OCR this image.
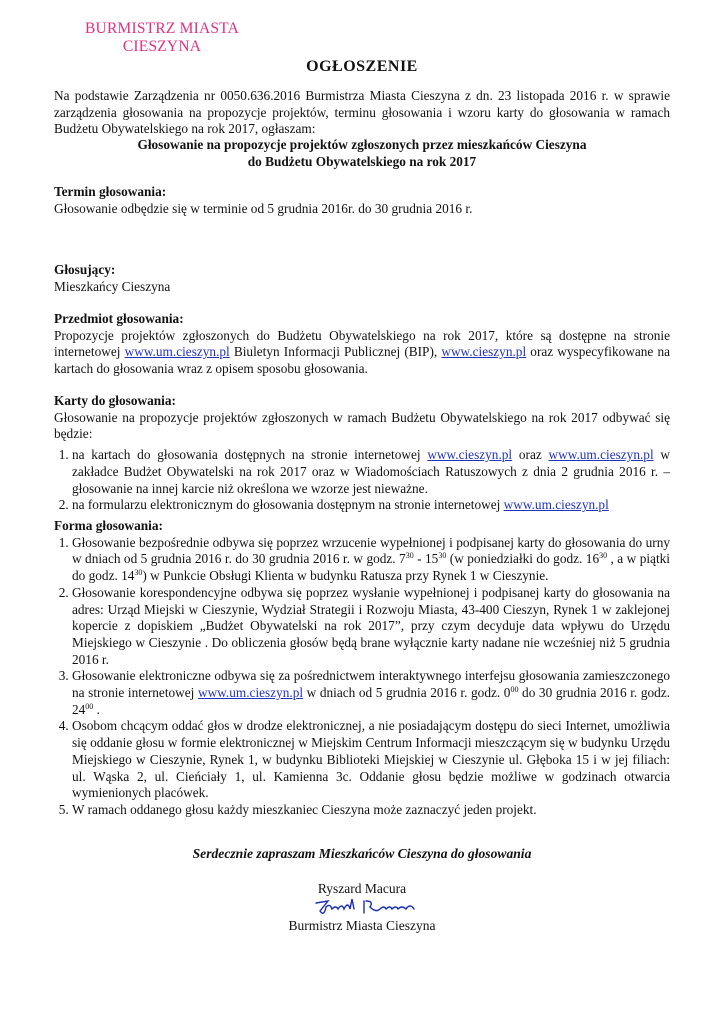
BURMISTRZ MIASTA
CIESZYNA
OGŁOSZENIE
Na podstawie Zarządzenia nr 0050.636.2016 Burmistrza Miasta Cieszyna z dn. 23 listopada 2016 r. w sprawie zarządzenia głosowania na propozycje projektów, terminu głosowania i wzoru karty do głosowania w ramach Budżetu Obywatelskiego na rok 2017, ogłaszam:
Głosowanie na propozycje projektów zgłoszonych przez mieszkańców Cieszyna
do Budżetu Obywatelskiego na rok 2017
Termin głosowania:
Głosowanie odbędzie się w terminie od 5 grudnia 2016r. do 30 grudnia 2016 r.
Głosujący:
Mieszkańcy Cieszyna
Przedmiot głosowania:
Propozycje projektów zgłoszonych do Budżetu Obywatelskiego na rok 2017, które są dostępne na stronie internetowej www.um.cieszyn.pl Biuletyn Informacji Publicznej (BIP), www.cieszyn.pl oraz wyspecyfikowane na kartach do głosowania wraz z opisem sposobu głosowania.
Karty do głosowania:
Głosowanie na propozycje projektów zgłoszonych w ramach Budżetu Obywatelskiego na rok 2017 odbywać się będzie:
1. na kartach do głosowania dostępnych na stronie internetowej www.cieszyn.pl oraz www.um.cieszyn.pl w zakładce Budżet Obywatelski na rok 2017 oraz w Wiadomościach Ratuszowych z dnia 2 grudnia 2016 r. – głosowanie na innej karcie niż określona we wzorze jest nieważne.
2. na formularzu elektronicznym do głosowania dostępnym na stronie internetowej www.um.cieszyn.pl
Forma głosowania:
1. Głosowanie bezpośrednie odbywa się poprzez wrzucenie wypełnionej i podpisanej karty do głosowania do urny w dniach od 5 grudnia 2016 r. do 30 grudnia 2016 r. w godz. $7^{30} - 15^{30}$ (w poniedziałki do godz. $16^{30}$ , a w piątki do godz. $14^{30}$) w Punkcie Obsługi Klienta w budynku Ratusza przy Rynek 1 w Cieszynie.
2. Głosowanie korespondencyjne odbywa się poprzez wysłanie wypełnionej i podpisanej karty do głosowania na adres: Urząd Miejski w Cieszynie, Wydział Strategii i Rozwoju Miasta, 43-400 Cieszyn, Rynek 1 w zaklejonej kopercie z dopiskiem „Budżet Obywatelski na rok 2017”, przy czym decyduje data wpływu do Urzędu Miejskiego w Cieszynie . Do obliczenia głosów będą brane wyłącznie karty nadane nie wcześniej niż 5 grudnia 2016 r.
3. Głosowanie elektroniczne odbywa się za pośrednictwem interaktywnego interfejsu głosowania zamieszczonego na stronie internetowej www.um.cieszyn.pl w dniach od 5 grudnia 2016 r. godz. $0^{00}$ do 30 grudnia 2016 r. godz. $24^{00}$ .
4. Osobom chcącym oddać głos w drodze elektronicznej, a nie posiadającym dostępu do sieci Internet, umożliwia się oddanie głosu w formie elektronicznej w Miejskim Centrum Informacji mieszczącym się w budynku Urzędu Miejskiego w Cieszynie, Rynek 1, w budynku Biblioteki Miejskiej w Cieszynie ul. Głęboka 15 i w jej filiach: ul. Wąska 2, ul. Cieńciały 1, ul. Kamienna 3c. Oddanie głosu będzie możliwe w godzinach otwarcia wymienionych placówek.
5. W ramach oddanego głosu każdy mieszkaniec Cieszyna może zaznaczyć jeden projekt.
Serdecznie zapraszam Mieszkańców Cieszyna do głosowania
Ryszard Macura
Burmistrz Miasta Cieszyna
